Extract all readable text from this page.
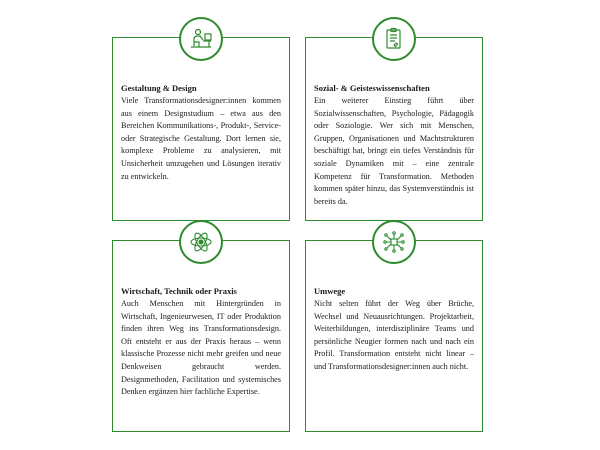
Gestaltung & Design

Viele Transformationsdesigner:innen kommen aus einem Designstudium – etwa aus den Bereichen Kommunikations-, Produkt-, Service- oder Strategische Gestaltung. Dort lernen sie, komplexe Probleme zu analysieren, mit Unsicherheit umzugehen und Lösungen iterativ zu entwickeln.

Sozial- & Geisteswissenschaften

Ein weiterer Einstieg führt über Sozialwissenschaften, Psychologie, Pädagogik oder Soziologie. Wer sich mit Menschen, Gruppen, Organisationen und Machtstrukturen beschäftigt hat, bringt ein tiefes Verständnis für soziale Dynamiken mit – eine zentrale Kompetenz für Transformation. Methoden kommen später hinzu, das Systemverständnis ist bereits da.

Wirtschaft, Technik oder Praxis

Auch Menschen mit Hintergründen in Wirtschaft, Ingenieurwesen, IT oder Produktion finden ihren Weg ins Transformationsdesign. Oft entsteht er aus der Praxis heraus – wenn klassische Prozesse nicht mehr greifen und neue Denkweisen gebraucht werden. Designmethoden, Facilitation und systemisches Denken ergänzen hier fachliche Expertise.

Umwege

Nicht selten führt der Weg über Brüche, Wechsel und Neuausrichtungen. Projektarbeit, Weiterbildungen, interdisziplinäre Teams und persönliche Neugier formen nach und nach ein Profil. Transformation entsteht nicht linear – und Transformationsdesigner:innen auch nicht.
